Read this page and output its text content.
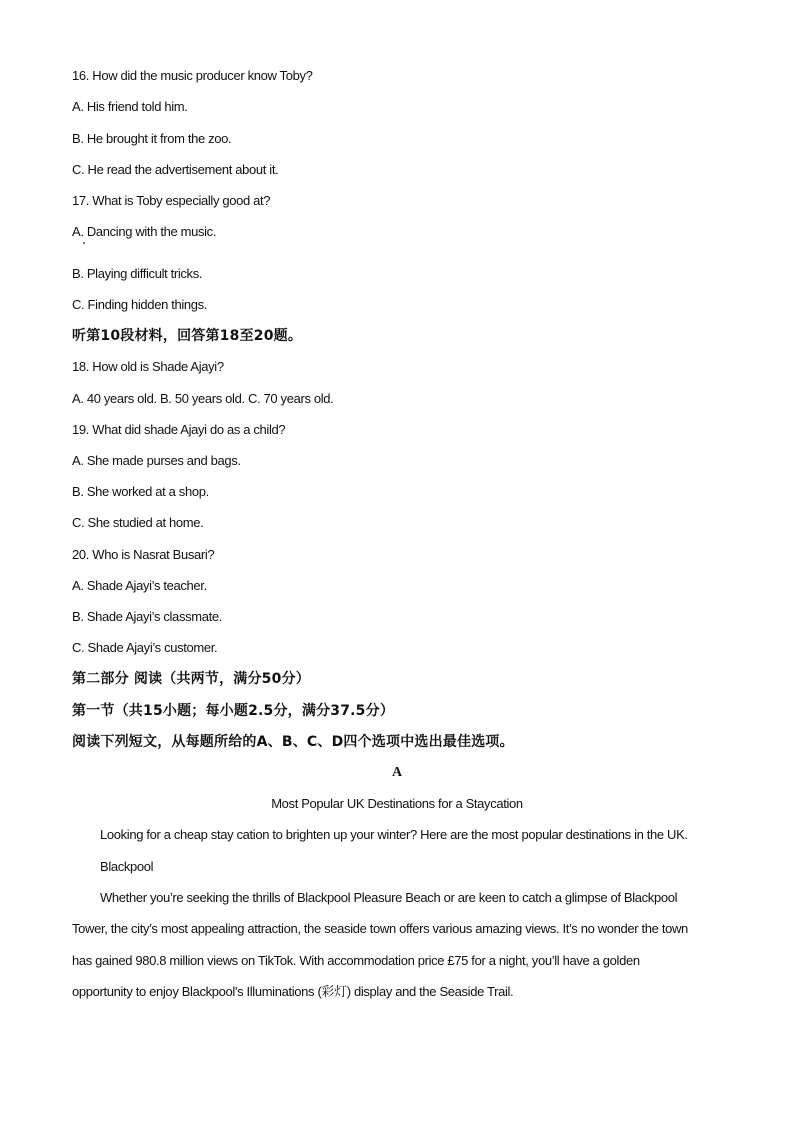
16. How did the music producer know Toby?
A. His friend told him.
B. He brought it from the zoo.
C. He read the advertisement about it.
17. What is Toby especially good at?
A. Dancing with the music.
B. Playing difficult tricks.
C. Finding hidden things.
听第10段材料，回答第18至20题。
18. How old is Shade Ajayi?
A. 40 years old. B. 50 years old. C. 70 years old.
19. What did shade Ajayi do as a child?
A. She made purses and bags.
B. She worked at a shop.
C. She studied at home.
20. Who is Nasrat Busari?
A. Shade Ajayi’s teacher.
B. Shade Ajayi’s classmate.
C. Shade Ajayi’s customer.
第二部分 阅读（共两节，满分50分）
第一节（共15小题；每小题2.5分，满分37.5分）
阅读下列短文，从每题所给的A、B、C、D四个选项中选出最佳选项。
A
Most Popular UK Destinations for a Staycation
Looking for a cheap stay cation to brighten up your winter? Here are the most popular destinations in the UK.
Blackpool
Whether you’re seeking the thrills of Blackpool Pleasure Beach or are keen to catch a glimpse of Blackpool
Tower, the city’s most appealing attraction, the seaside town offers various amazing views. It’s no wonder the town
has gained 980.8 million views on TikTok. With accommodation price £75 for a night, you’ll have a golden
opportunity to enjoy Blackpool's Illuminations (彩灯) display and the Seaside Trail.
